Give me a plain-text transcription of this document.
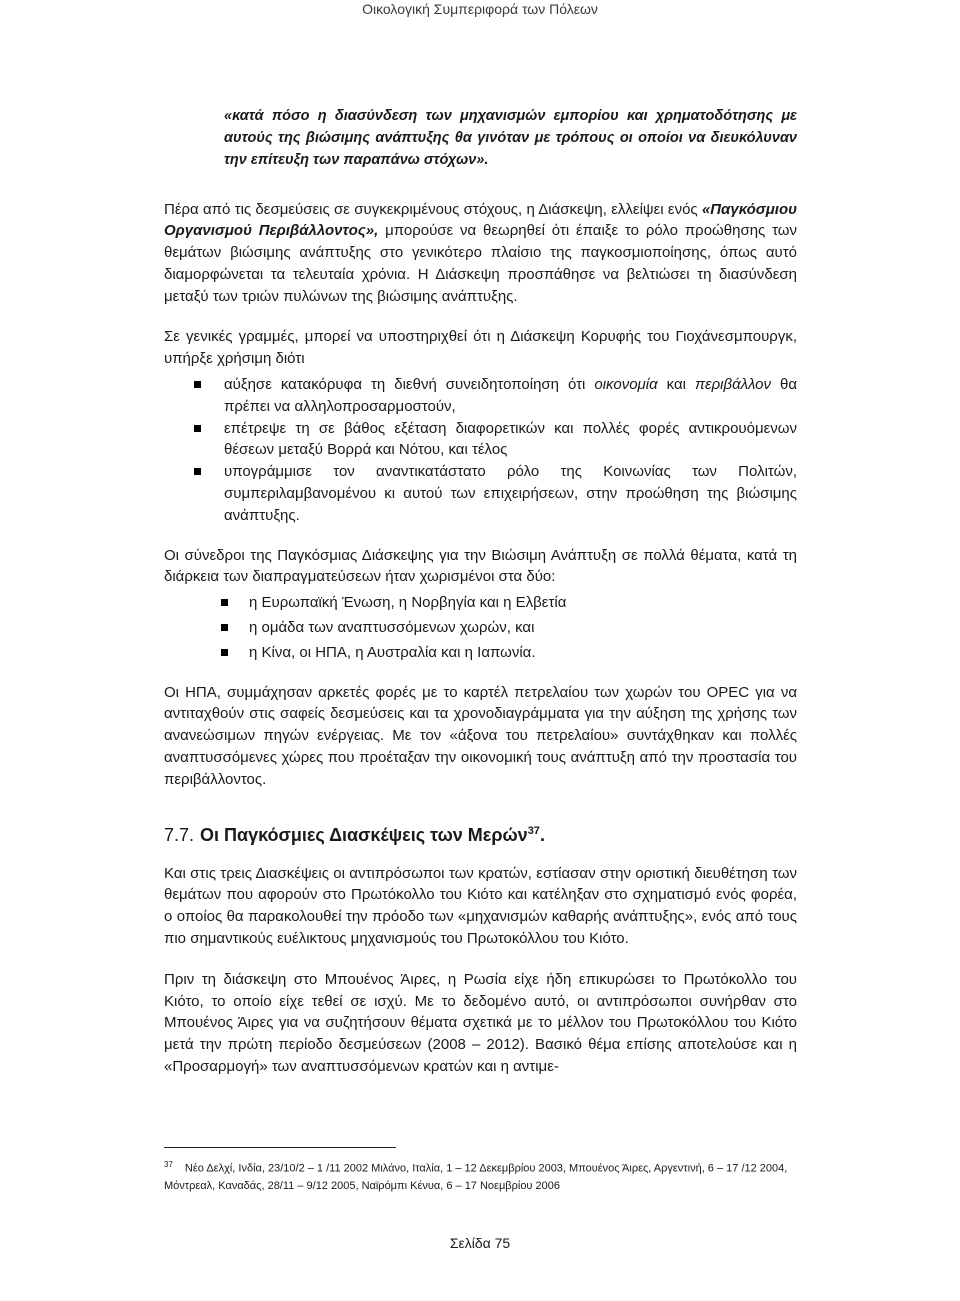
Οικολογική Συμπεριφορά των Πόλεων

«κατά πόσο η διασύνδεση των μηχανισμών εμπορίου και χρηματοδότησης με αυτούς της βιώσιμης ανάπτυξης θα γινόταν με τρόπους οι οποίοι να διευκόλυναν την επίτευξη των παραπάνω στόχων».

Πέρα από τις δεσμεύσεις σε συγκεκριμένους στόχους, η Διάσκεψη, ελλείψει ενός «Παγκόσμιου Οργανισμού Περιβάλλοντος», μπορούσε να θεωρηθεί ότι έπαιξε το ρόλο προώθησης των θεμάτων βιώσιμης ανάπτυξης στο γενικότερο πλαίσιο της παγκοσμιοποίησης, όπως αυτό διαμορφώνεται τα τελευταία χρόνια. Η Διάσκεψη προσπάθησε να βελτιώσει τη διασύνδεση μεταξύ των τριών πυλώνων της βιώσιμης ανάπτυξης.

Σε γενικές γραμμές, μπορεί να υποστηριχθεί ότι η Διάσκεψη Κορυφής του Γιοχάνεσμπουργκ, υπήρξε χρήσιμη διότι

αύξησε κατακόρυφα τη διεθνή συνειδητοποίηση ότι οικονομία και περιβάλλον θα πρέπει να αλληλοπροσαρμοστούν,
επέτρεψε τη σε βάθος εξέταση διαφορετικών και πολλές φορές αντικρουόμενων θέσεων μεταξύ Βορρά και Νότου, και τέλος
υπογράμμισε τον αναντικατάστατο ρόλο της Κοινωνίας των Πολιτών, συμπεριλαμβανομένου κι αυτού των επιχειρήσεων, στην προώθηση της βιώσιμης ανάπτυξης.

Οι σύνεδροι της Παγκόσμιας Διάσκεψης για την Βιώσιμη Ανάπτυξη σε πολλά θέματα, κατά τη διάρκεια των διαπραγματεύσεων ήταν χωρισμένοι στα δύο:

η Ευρωπαϊκή Ένωση, η Νορβηγία και η Ελβετία
η ομάδα των αναπτυσσόμενων χωρών, και
η Κίνα, οι ΗΠΑ, η Αυστραλία και η Ιαπωνία.

Οι ΗΠΑ, συμμάχησαν αρκετές φορές με το καρτέλ πετρελαίου των χωρών του OPEC για να αντιταχθούν στις σαφείς δεσμεύσεις και τα χρονοδιαγράμματα για την αύξηση της χρήσης των ανανεώσιμων πηγών ενέργειας. Με τον «άξονα του πετρελαίου» συντάχθηκαν και πολλές αναπτυσσόμενες χώρες που προέταξαν την οικονομική τους ανάπτυξη από την προστασία του περιβάλλοντος.

7.7. Οι Παγκόσμιες Διασκέψεις των Μερών$^{37}$.

Και στις τρεις Διασκέψεις οι αντιπρόσωποι των κρατών, εστίασαν στην οριστική διευθέτηση των θεμάτων που αφορούν στο Πρωτόκολλο του Κιότο και κατέληξαν στο σχηματισμό ενός φορέα, ο οποίος θα παρακολουθεί την πρόοδο των «μηχανισμών καθαρής ανάπτυξης», ενός από τους πιο σημαντικούς ευέλικτους μηχανισμούς του Πρωτοκόλλου του Κιότο.

Πριν τη διάσκεψη στο Μπουένος Άιρες, η Ρωσία είχε ήδη επικυρώσει το Πρωτόκολλο του Κιότο, το οποίο είχε τεθεί σε ισχύ. Με το δεδομένο αυτό, οι αντιπρόσωποι συνήρθαν στο Μπουένος Άιρες για να συζητήσουν θέματα σχετικά με το μέλλον του Πρωτοκόλλου του Κιότο μετά την πρώτη περίοδο δεσμεύσεων (2008 – 2012). Βασικό θέμα επίσης αποτελούσε και η «Προσαρμογή» των αναπτυσσόμενων κρατών και η αντιμε-

$^{37}$ Νέο Δελχί, Ινδία, 23/10/2 – 1 /11 2002 Μιλάνο, Ιταλία, 1 – 12 Δεκεμβρίου 2003, Μπουένος Άιρες, Αργεντινή, 6 – 17 /12 2004, Μόντρεαλ, Καναδάς, 28/11 – 9/12 2005, Ναϊρόμπι Κένυα, 6 – 17 Νοεμβρίου 2006
Σελίδα 75
